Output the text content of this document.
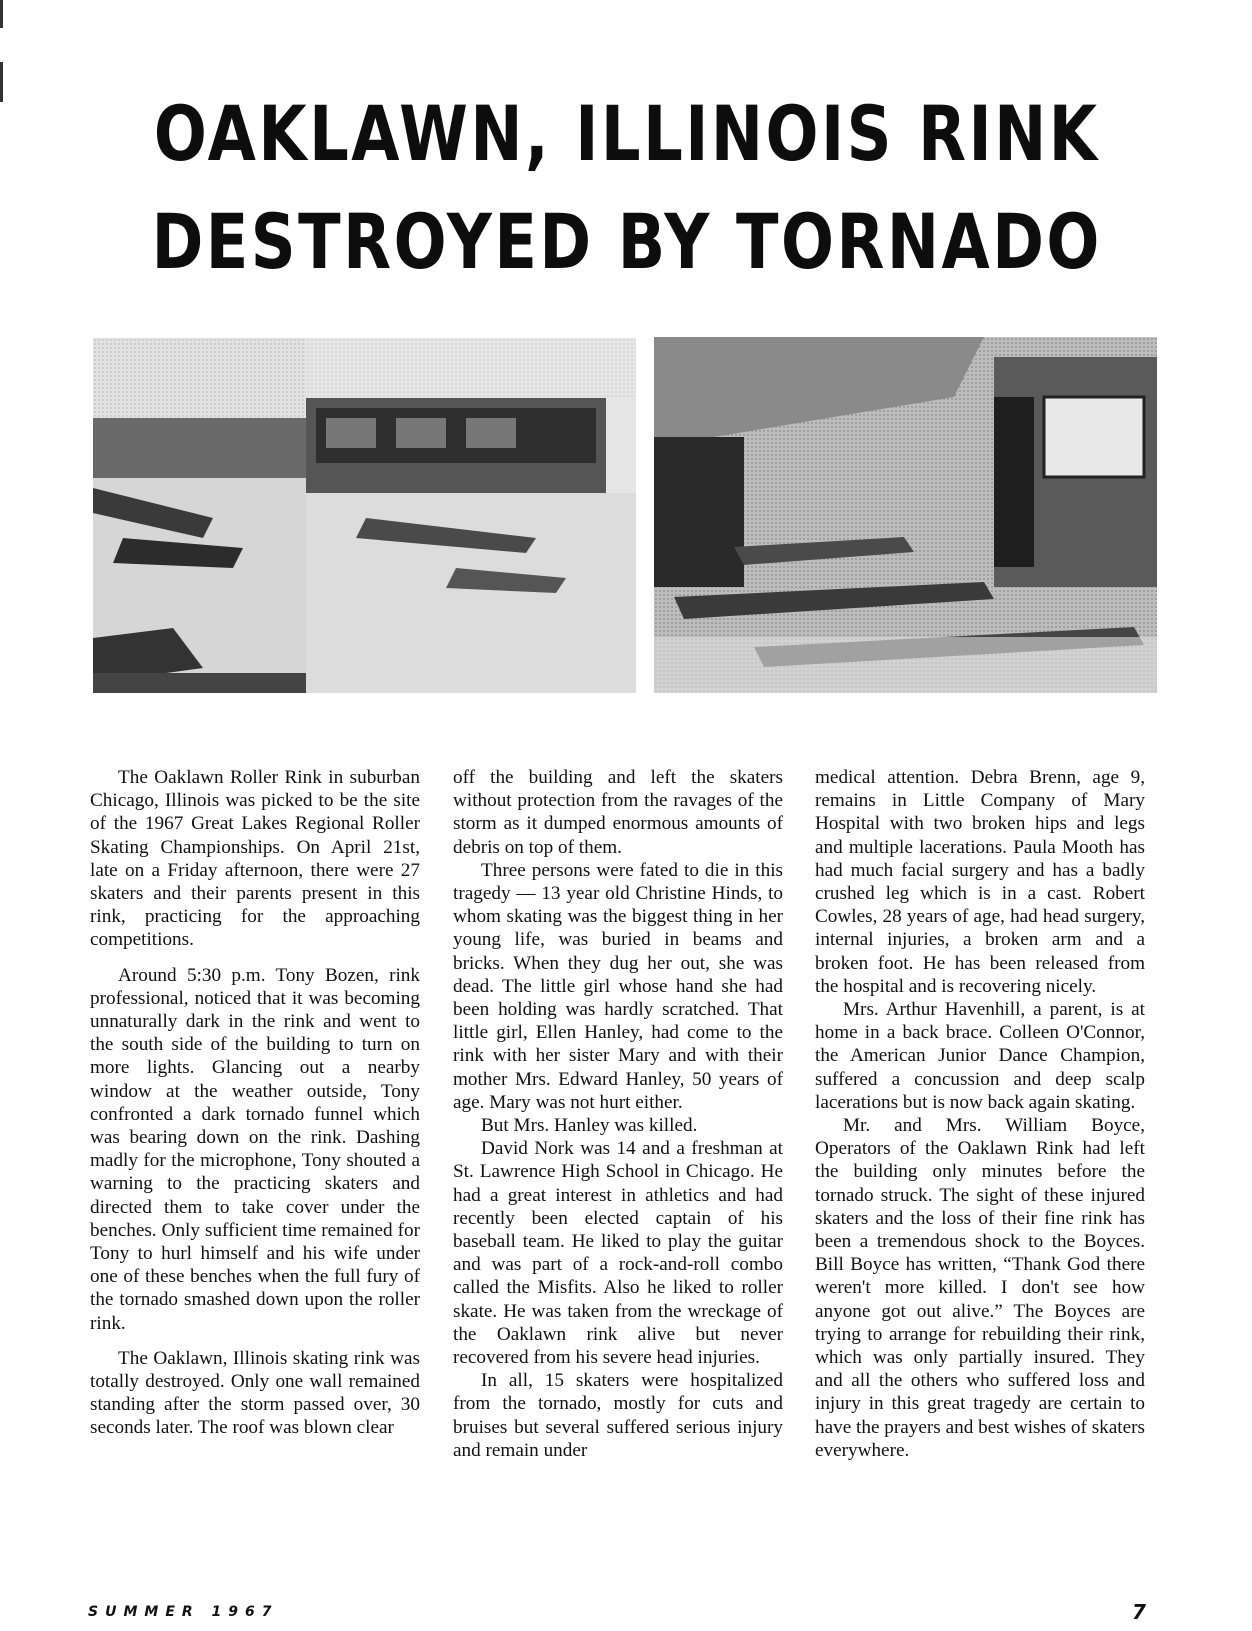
OAKLAWN, ILLINOIS RINK
DESTROYED BY TORNADO

The Oaklawn Roller Rink in suburban Chicago, Illinois was picked to be the site of the 1967 Great Lakes Regional Roller Skating Championships. On April 21st, late on a Friday afternoon, there were 27 skaters and their parents present in this rink, practicing for the approaching competitions.

Around 5:30 p.m. Tony Bozen, rink professional, noticed that it was becoming unnaturally dark in the rink and went to the south side of the building to turn on more lights. Glancing out a nearby window at the weather outside, Tony confronted a dark tornado funnel which was bearing down on the rink. Dashing madly for the microphone, Tony shouted a warning to the practicing skaters and directed them to take cover under the benches. Only sufficient time remained for Tony to hurl himself and his wife under one of these benches when the full fury of the tornado smashed down upon the roller rink.

The Oaklawn, Illinois skating rink was totally destroyed. Only one wall remained standing after the storm passed over, 30 seconds later. The roof was blown clear

off the building and left the skaters without protection from the ravages of the storm as it dumped enormous amounts of debris on top of them.

Three persons were fated to die in this tragedy — 13 year old Christine Hinds, to whom skating was the biggest thing in her young life, was buried in beams and bricks. When they dug her out, she was dead. The little girl whose hand she had been holding was hardly scratched. That little girl, Ellen Hanley, had come to the rink with her sister Mary and with their mother Mrs. Edward Hanley, 50 years of age. Mary was not hurt either.

But Mrs. Hanley was killed.

David Nork was 14 and a freshman at St. Lawrence High School in Chicago. He had a great interest in athletics and had recently been elected captain of his baseball team. He liked to play the guitar and was part of a rock-and-roll combo called the Misfits. Also he liked to roller skate. He was taken from the wreckage of the Oaklawn rink alive but never recovered from his severe head injuries.

In all, 15 skaters were hospitalized from the tornado, mostly for cuts and bruises but several suffered serious injury and remain under

medical attention. Debra Brenn, age 9, remains in Little Company of Mary Hospital with two broken hips and legs and multiple lacerations. Paula Mooth has had much facial surgery and has a badly crushed leg which is in a cast. Robert Cowles, 28 years of age, had head surgery, internal injuries, a broken arm and a broken foot. He has been released from the hospital and is recovering nicely.

Mrs. Arthur Havenhill, a parent, is at home in a back brace. Colleen O'Connor, the American Junior Dance Champion, suffered a concussion and deep scalp lacerations but is now back again skating.

Mr. and Mrs. William Boyce, Operators of the Oaklawn Rink had left the building only minutes before the tornado struck. The sight of these injured skaters and the loss of their fine rink has been a tremendous shock to the Boyces. Bill Boyce has written, “Thank God there weren't more killed. I don't see how anyone got out alive.” The Boyces are trying to arrange for rebuilding their rink, which was only partially insured. They and all the others who suffered loss and injury in this great tragedy are certain to have the prayers and best wishes of skaters everywhere.

SUMMER 1967	7
